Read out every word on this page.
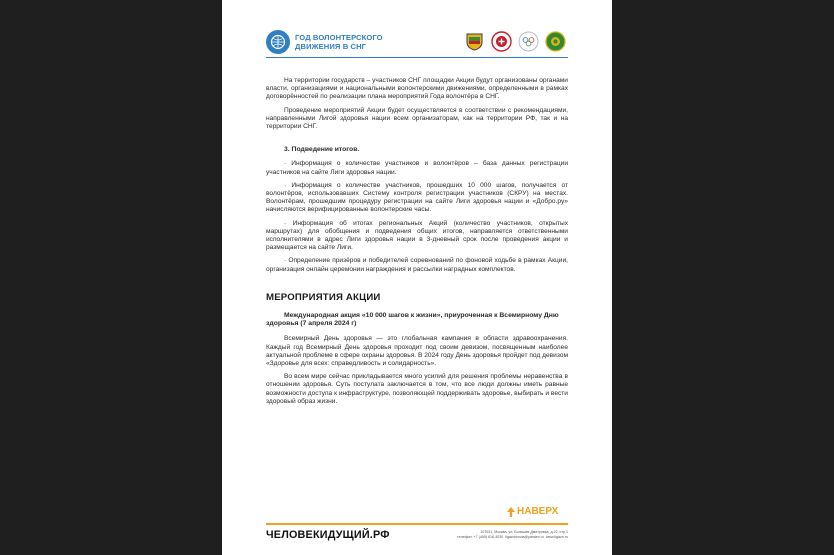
ГОД ВОЛОНТЕРСКОГО
ДВИЖЕНИЯ В СНГ

На территории государств – участников СНГ площадки Акции будут организованы органами власти, организациями и национальными волонтерскими движениями, определенными в рамках договорённостей по реализации плана мероприятий Года волонтёра в СНГ.

Проведение мероприятий Акции будет осуществляется в соответствии с рекомендациями, направленными Лигой здоровья нации всем организаторам, как на территории РФ, так и на территории СНГ.

3. Подведение итогов.

· Информация о количестве участников и волонтёров – база данных регистрации участников на сайте Лиги здоровья нации.

· Информация о количестве участников, прошедших 10 000 шагов, получается от волонтёров, использовавших Систему контроля регистрации участников (СКРУ) на местах. Волонтёрам, прошедшим процедуру регистрации на сайте Лиги здоровья нации и «Добро.ру» начисляются верифицированные волонтерские часы.

· Информация об итогах региональных Акций (количество участников, открытых маршрутах) для обобщения и подведения общих итогов, направляется ответственными исполнителями в адрес Лиги здоровья нации в 3-дневный срок после проведения акции и размещается на сайте Лиги.

· Определение призёров и победителей соревнований по фоновой ходьбе в рамках Акции, организация онлайн церемонии награждения и рассылки наградных комплектов.

МЕРОПРИЯТИЯ АКЦИИ
Международная акция «10 000 шагов к жизни», приуроченная к Всемирному Дню здоровья (7 апреля 2024 г)

Всемирный День здоровья — это глобальная кампания в области здравоохранения. Каждый год Всемирный День здоровья проходит под своим девизом, посвященным наиболее актуальной проблеме в сфере охраны здоровья. В 2024 году День здоровья пройдет под девизом «Здоровье для всех: справедливость и солидарность».

Во всем мире сейчас прикладывается много усилий для решения проблемы неравенства в отношении здоровья. Суть постулата заключается в том, что все люди должны иметь равные возможности доступа к инфраструктуре, позволяющей поддерживать здоровье, выбирать и вести здоровый образ жизни.

НАВЕРХ
ЧЕЛОВЕКИДУЩИЙ.РФ	107031, Москва, ул. Большая Дмитровка, д.22, стр.1
телефон: +7 (495) 616-4030 ligazdorovia@yandex.ru www.ligazn.ru
